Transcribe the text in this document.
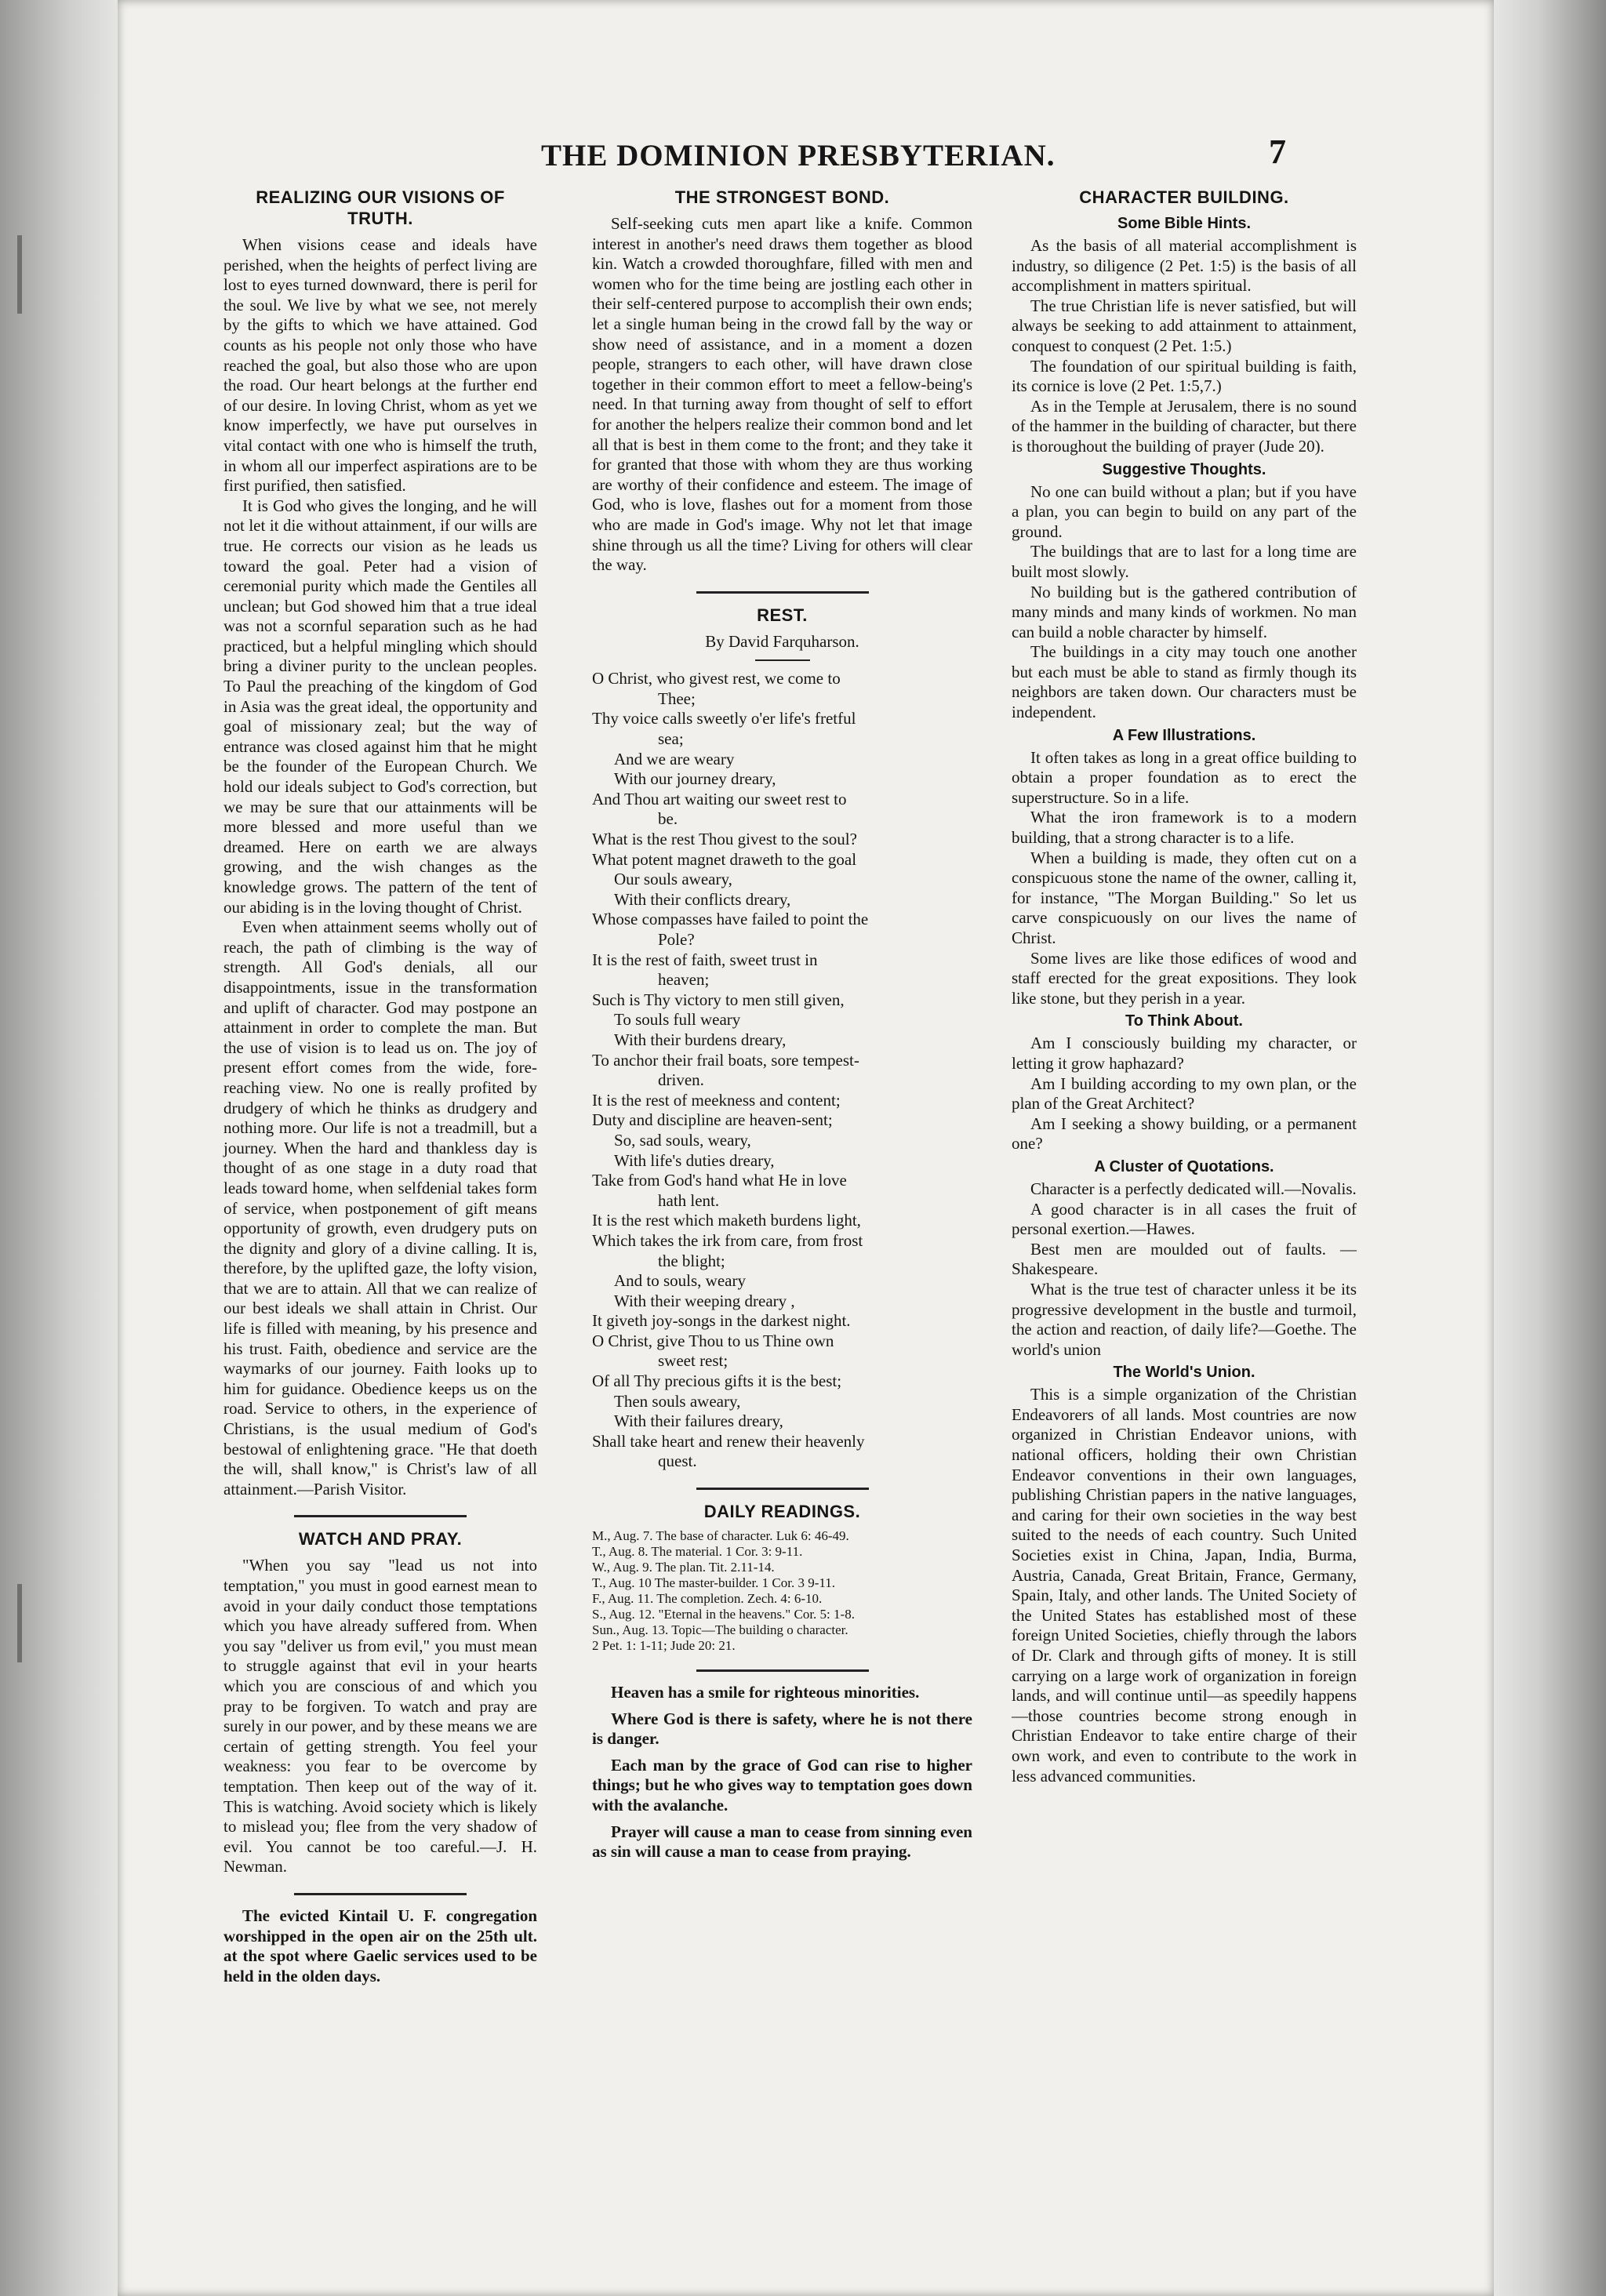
THE DOMINION PRESBYTERIAN.	7
REALIZING OUR VISIONS OF TRUTH.

When visions cease and ideals have perished, when the heights of perfect living are lost to eyes turned downward, there is peril for the soul. We live by what we see, not merely by the gifts to which we have attained. God counts as his people not only those who have reached the goal, but also those who are upon the road. Our heart belongs at the further end of our desire. In loving Christ, whom as yet we know imperfectly, we have put ourselves in vital contact with one who is himself the truth, in whom all our imperfect aspirations are to be first purified, then satisfied.

It is God who gives the longing, and he will not let it die without attainment, if our wills are true. He corrects our vision as he leads us toward the goal. Peter had a vision of ceremonial purity which made the Gentiles all unclean; but God showed him that a true ideal was not a scornful separation such as he had practiced, but a helpful mingling which should bring a diviner purity to the unclean peoples. To Paul the preaching of the kingdom of God in Asia was the great ideal, the opportunity and goal of missionary zeal; but the way of entrance was closed against him that he might be the founder of the European Church. We hold our ideals subject to God's correction, but we may be sure that our attainments will be more blessed and more useful than we dreamed. Here on earth we are always growing, and the wish changes as the knowledge grows. The pattern of the tent of our abiding is in the loving thought of Christ.

Even when attainment seems wholly out of reach, the path of climbing is the way of strength. All God's denials, all our disappointments, issue in the transformation and uplift of character. God may postpone an attainment in order to complete the man. But the use of vision is to lead us on. The joy of present effort comes from the wide, fore-reaching view. No one is really profited by drudgery of which he thinks as drudgery and nothing more. Our life is not a treadmill, but a journey. When the hard and thankless day is thought of as one stage in a duty road that leads toward home, when selfdenial takes form of service, when postponement of gift means opportunity of growth, even drudgery puts on the dignity and glory of a divine calling. It is, therefore, by the uplifted gaze, the lofty vision, that we are to attain. All that we can realize of our best ideals we shall attain in Christ. Our life is filled with meaning, by his presence and his trust. Faith, obedience and service are the waymarks of our journey. Faith looks up to him for guidance. Obedience keeps us on the road. Service to others, in the experience of Christians, is the usual medium of God's bestowal of enlightening grace. "He that doeth the will, shall know," is Christ's law of all attainment.—Parish Visitor.

WATCH AND PRAY.

"When you say "lead us not into temptation," you must in good earnest mean to avoid in your daily conduct those temptations which you have already suffered from. When you say "deliver us from evil," you must mean to struggle against that evil in your hearts which you are conscious of and which you pray to be forgiven. To watch and pray are surely in our power, and by these means we are certain of getting strength. You feel your weakness: you fear to be overcome by temptation. Then keep out of the way of it. This is watching. Avoid society which is likely to mislead you; flee from the very shadow of evil. You cannot be too careful.—J. H. Newman.

The evicted Kintail U. F. congregation worshipped in the open air on the 25th ult. at the spot where Gaelic services used to be held in the olden days.

THE STRONGEST BOND.

Self-seeking cuts men apart like a knife. Common interest in another's need draws them together as blood kin. Watch a crowded thoroughfare, filled with men and women who for the time being are jostling each other in their self-centered purpose to accomplish their own ends; let a single human being in the crowd fall by the way or show need of assistance, and in a moment a dozen people, strangers to each other, will have drawn close together in their common effort to meet a fellow-being's need. In that turning away from thought of self to effort for another the helpers realize their common bond and let all that is best in them come to the front; and they take it for granted that those with whom they are thus working are worthy of their confidence and esteem. The image of God, who is love, flashes out for a moment from those who are made in God's image. Why not let that image shine through us all the time? Living for others will clear the way.

REST.
By David Farquharson.
O Christ, who givest rest, we come to
Thee;
Thy voice calls sweetly o'er life's fretful
sea;
And we are weary
With our journey dreary,
And Thou art waiting our sweet rest to
be.
What is the rest Thou givest to the soul?
What potent magnet draweth to the goal
Our souls aweary,
With their conflicts dreary,
Whose compasses have failed to point the
Pole?
It is the rest of faith, sweet trust in
heaven;
Such is Thy victory to men still given,
To souls full weary
With their burdens dreary,
To anchor their frail boats, sore tempest-
driven.
It is the rest of meekness and content;
Duty and discipline are heaven-sent;
So, sad souls, weary,
With life's duties dreary,
Take from God's hand what He in love
hath lent.
It is the rest which maketh burdens light,
Which takes the irk from care, from frost
the blight;
And to souls, weary
With their weeping dreary ,
It giveth joy-songs in the darkest night.
O Christ, give Thou to us Thine own
sweet rest;
Of all Thy precious gifts it is the best;
Then souls aweary,
With their failures dreary,
Shall take heart and renew their heavenly
quest.
DAILY READINGS.

M., Aug. 7. The base of character. Luk 6: 46-49.

T., Aug. 8. The material. 1 Cor. 3: 9-11.

W., Aug. 9. The plan. Tit. 2.11-14.

T., Aug. 10 The master-builder. 1 Cor. 3 9-11.

F., Aug. 11. The completion. Zech. 4: 6-10.

S., Aug. 12. "Eternal in the heavens." Cor. 5: 1-8.

Sun., Aug. 13. Topic—The building o character.

2 Pet. 1: 1-11; Jude 20: 21.

Heaven has a smile for righteous minorities.

Where God is there is safety, where he is not there is danger.

Each man by the grace of God can rise to higher things; but he who gives way to temptation goes down with the avalanche.

Prayer will cause a man to cease from sinning even as sin will cause a man to cease from praying.

CHARACTER BUILDING.
Some Bible Hints.

As the basis of all material accomplishment is industry, so diligence (2 Pet. 1:5) is the basis of all accomplishment in matters spiritual.

The true Christian life is never satisfied, but will always be seeking to add attainment to attainment, conquest to conquest (2 Pet. 1:5.)

The foundation of our spiritual building is faith, its cornice is love (2 Pet. 1:5,7.)

As in the Temple at Jerusalem, there is no sound of the hammer in the building of character, but there is thoroughout the building of prayer (Jude 20).

Suggestive Thoughts.

No one can build without a plan; but if you have a plan, you can begin to build on any part of the ground.

The buildings that are to last for a long time are built most slowly.

No building but is the gathered contribution of many minds and many kinds of workmen. No man can build a noble character by himself.

The buildings in a city may touch one another but each must be able to stand as firmly though its neighbors are taken down. Our characters must be independent.

A Few Illustrations.

It often takes as long in a great office building to obtain a proper foundation as to erect the superstructure. So in a life.

What the iron framework is to a modern building, that a strong character is to a life.

When a building is made, they often cut on a conspicuous stone the name of the owner, calling it, for instance, "The Morgan Building." So let us carve conspicuously on our lives the name of Christ.

Some lives are like those edifices of wood and staff erected for the great expositions. They look like stone, but they perish in a year.

To Think About.

Am I consciously building my character, or letting it grow haphazard?

Am I building according to my own plan, or the plan of the Great Architect?

Am I seeking a showy building, or a permanent one?

A Cluster of Quotations.

Character is a perfectly dedicated will.—Novalis.

A good character is in all cases the fruit of personal exertion.—Hawes.

Best men are moulded out of faults. —Shakespeare.

What is the true test of character unless it be its progressive development in the bustle and turmoil, the action and reaction, of daily life?—Goethe. The world's union

The World's Union.

This is a simple organization of the Christian Endeavorers of all lands. Most countries are now organized in Christian Endeavor unions, with national officers, holding their own Christian Endeavor conventions in their own languages, publishing Christian papers in the native languages, and caring for their own societies in the way best suited to the needs of each country. Such United Societies exist in China, Japan, India, Burma, Austria, Canada, Great Britain, France, Germany, Spain, Italy, and other lands. The United Society of the United States has established most of these foreign United Societies, chiefly through the labors of Dr. Clark and through gifts of money. It is still carrying on a large work of organization in foreign lands, and will continue until—as speedily happens—those countries become strong enough in Christian Endeavor to take entire charge of their own work, and even to contribute to the work in less advanced communities.
